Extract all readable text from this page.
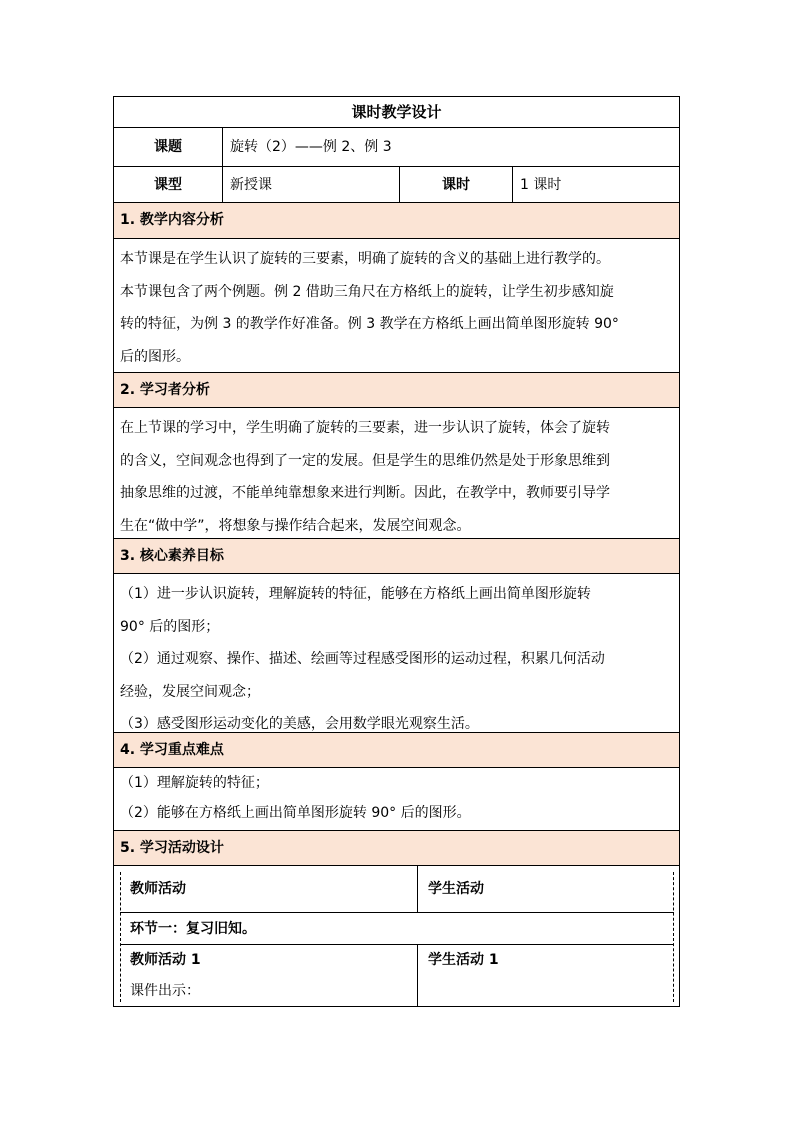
课时教学设计
课题	旋转（2）——例 2、例 3
课型	新授课	课时	1 课时
1. 教学内容分析

本节课是在学生认识了旋转的三要素，明确了旋转的含义的基础上进行教学的。

本节课包含了两个例题。例 2 借助三角尺在方格纸上的旋转，让学生初步感知旋

转的特征，为例 3 的教学作好准备。例 3 教学在方格纸上画出简单图形旋转 90°

后的图形。

2. 学习者分析

在上节课的学习中，学生明确了旋转的三要素，进一步认识了旋转，体会了旋转

的含义，空间观念也得到了一定的发展。但是学生的思维仍然是处于形象思维到

抽象思维的过渡，不能单纯靠想象来进行判断。因此，在教学中，教师要引导学

生在“做中学”，将想象与操作结合起来，发展空间观念。

3. 核心素养目标

（1）进一步认识旋转，理解旋转的特征，能够在方格纸上画出简单图形旋转

90° 后的图形；

（2）通过观察、操作、描述、绘画等过程感受图形的运动过程，积累几何活动

经验，发展空间观念；

（3）感受图形运动变化的美感，会用数学眼光观察生活。

4. 学习重点难点

（1）理解旋转的特征；

（2）能够在方格纸上画出简单图形旋转 90° 后的图形。

5. 学习活动设计
教师活动	学生活动
环节一：复习旧知。
教师活动 1	学生活动 1
课件出示：
